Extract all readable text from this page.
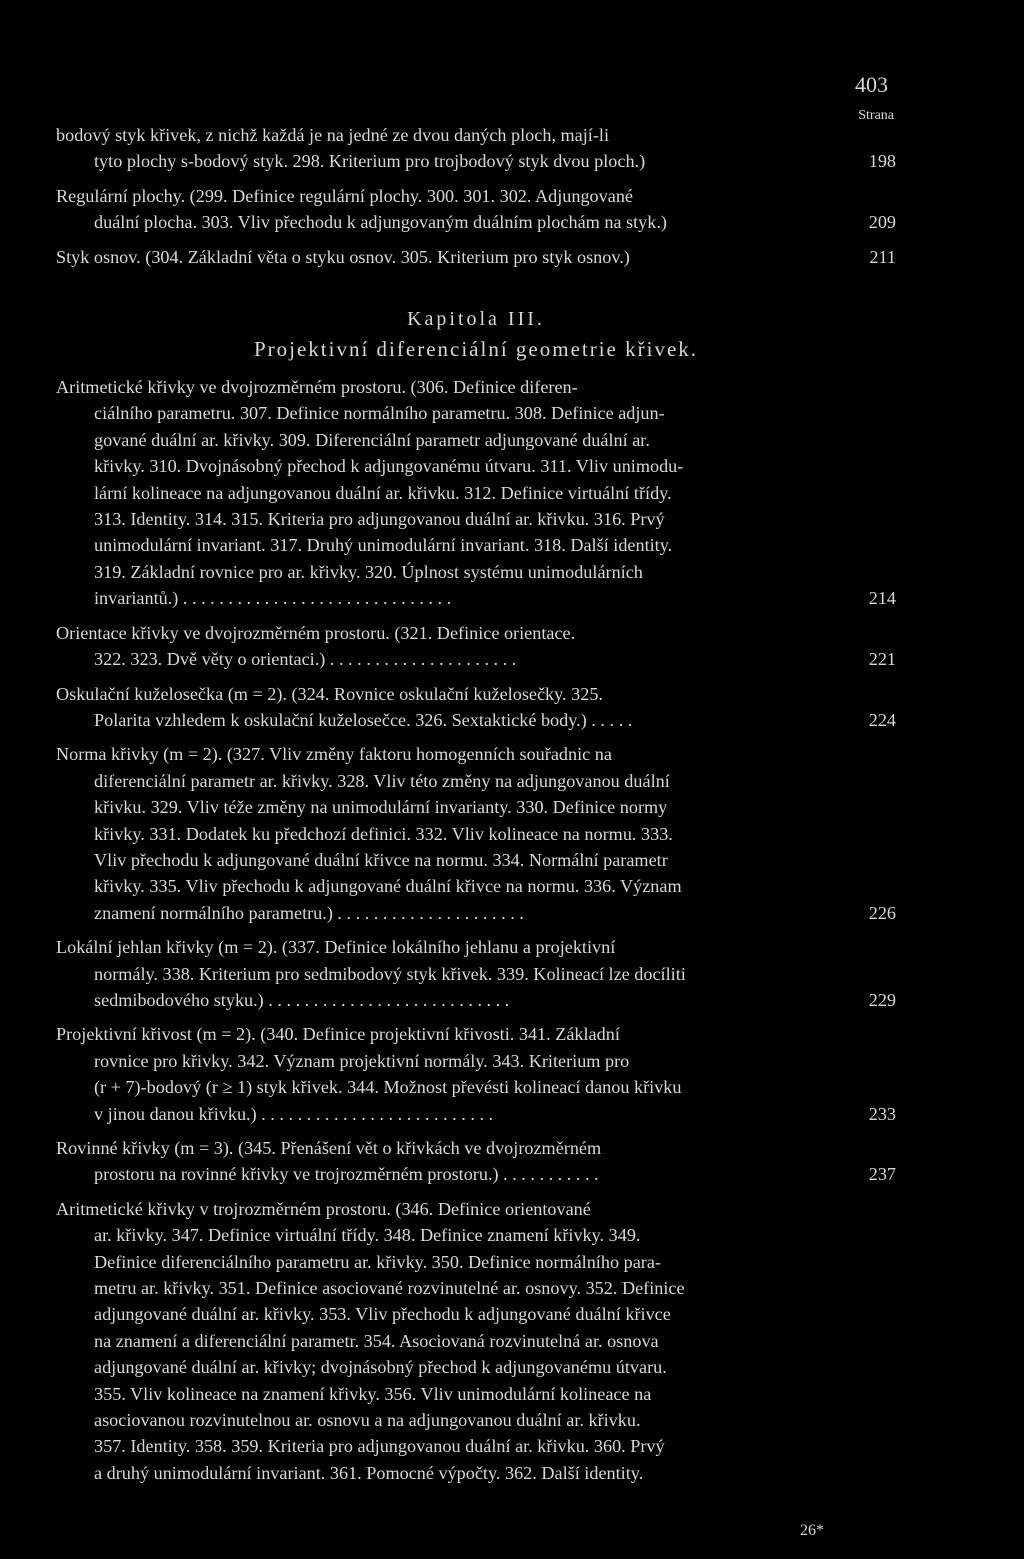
403
Strana
bodový styk křivek, z nichž každá je na jedné ze dvou daných ploch, mají-li
tyto plochy s-bodový styk. 298. Kriterium pro trojbodový styk dvou ploch.)	198
Regulární plochy. (299. Definice regulární plochy. 300. 301. 302. Adjungované
duální plocha. 303. Vliv přechodu k adjungovaným duálním plochám na styk.)	209
Styk osnov. (304. Základní věta o styku osnov. 305. Kriterium pro styk osnov.)	211
Kapitola III.
Projektivní diferenciální geometrie křivek.
Aritmetické křivky ve dvojrozměrném prostoru. (306. Definice diferen-
ciálního parametru. 307. Definice normálního parametru. 308. Definice adjun-
gované duální ar. křivky. 309. Diferenciální parametr adjungované duální ar.
křivky. 310. Dvojnásobný přechod k adjungovanému útvaru. 311. Vliv unimodu-
lární kolineace na adjungovanou duální ar. křivku. 312. Definice virtuální třídy.
313. Identity. 314. 315. Kriteria pro adjungovanou duální ar. křivku. 316. Prvý
unimodulární invariant. 317. Druhý unimodulární invariant. 318. Další identity.
319. Základní rovnice pro ar. křivky. 320. Úplnost systému unimodulárních
invariantů.) . . . . . . . . . . . . . . . . . . . . . . . . . . . . . .	214
Orientace křivky ve dvojrozměrném prostoru. (321. Definice orientace.
322. 323. Dvě věty o orientaci.) . . . . . . . . . . . . . . . . . . . . .	221
Oskulační kuželosečka (m = 2). (324. Rovnice oskulační kuželosečky. 325.
Polarita vzhledem k oskulační kuželosečce. 326. Sextaktické body.) . . . . .	224
Norma křivky (m = 2). (327. Vliv změny faktoru homogenních souřadnic na
diferenciální parametr ar. křivky. 328. Vliv této změny na adjungovanou duální
křivku. 329. Vliv téže změny na unimodulární invarianty. 330. Definice normy
křivky. 331. Dodatek ku předchozí definici. 332. Vliv kolineace na normu. 333.
Vliv přechodu k adjungované duální křivce na normu. 334. Normální parametr
křivky. 335. Vliv přechodu k adjungované duální křivce na normu. 336. Význam
znamení normálního parametru.) . . . . . . . . . . . . . . . . . . . . .	226
Lokální jehlan křivky (m = 2). (337. Definice lokálního jehlanu a projektivní
normály. 338. Kriterium pro sedmibodový styk křivek. 339. Kolineací lze docíliti
sedmibodového styku.) . . . . . . . . . . . . . . . . . . . . . . . . . . .	229
Projektivní křivost (m = 2). (340. Definice projektivní křivosti. 341. Základní
rovnice pro křivky. 342. Význam projektivní normály. 343. Kriterium pro
(r + 7)-bodový (r ≥ 1) styk křivek. 344. Možnost převésti kolineací danou křivku
v jinou danou křivku.) . . . . . . . . . . . . . . . . . . . . . . . . . .	233
Rovinné křivky (m = 3). (345. Přenášení vět o křivkách ve dvojrozměrném
prostoru na rovinné křivky ve trojrozměrném prostoru.) . . . . . . . . . . .	237
Aritmetické křivky v trojrozměrném prostoru. (346. Definice orientované
ar. křivky. 347. Definice virtuální třídy. 348. Definice znamení křivky. 349.
Definice diferenciálního parametru ar. křivky. 350. Definice normálního para-
metru ar. křivky. 351. Definice asociované rozvinutelné ar. osnovy. 352. Definice
adjungované duální ar. křivky. 353. Vliv přechodu k adjungované duální křivce
na znamení a diferenciální parametr. 354. Asociovaná rozvinutelná ar. osnova
adjungované duální ar. křivky; dvojnásobný přechod k adjungovanému útvaru.
355. Vliv kolineace na znamení křivky. 356. Vliv unimodulární kolineace na
asociovanou rozvinutelnou ar. osnovu a na adjungovanou duální ar. křivku.
357. Identity. 358. 359. Kriteria pro adjungovanou duální ar. křivku. 360. Prvý
a druhý unimodulární invariant. 361. Pomocné výpočty. 362. Další identity.
26*
